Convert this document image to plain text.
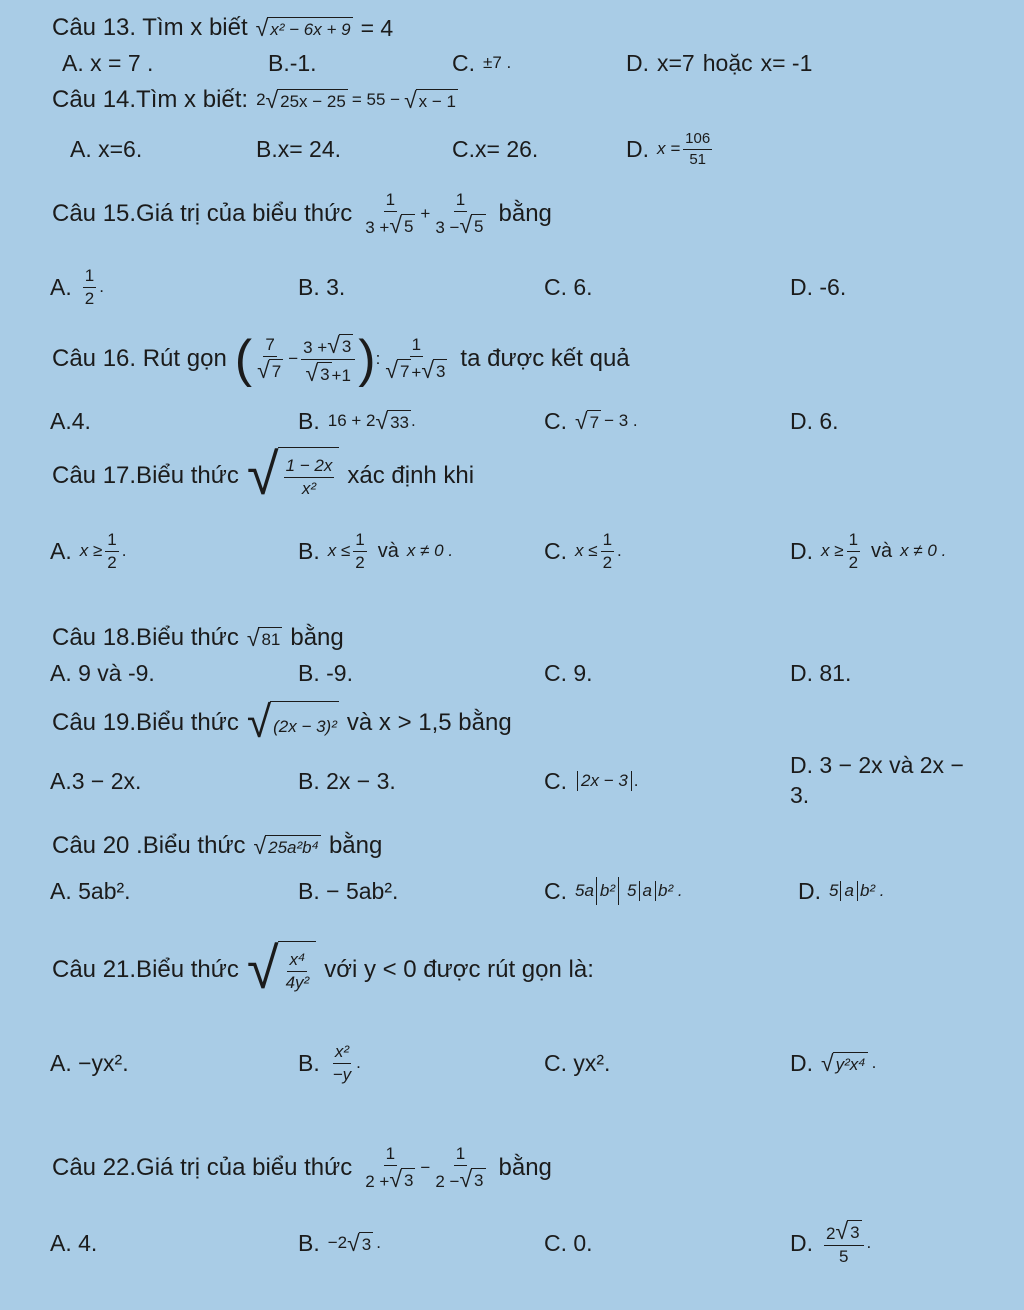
Câu 13. Tìm x biết √ x² − 6x + 9 = 4
A. x = 7 .	B.-1.	C. ±7 .	D. x=7 hoặc x= -1
Câu 14.Tìm x biết: 2 √ 25x − 25 = 55 − √ x − 1
A. x=6.	B.x= 24.	C.x= 26.	D. $x = \frac{106}{51}$
Câu 15.Giá trị của biểu thức $\frac{1}{3 + √ 5} + \frac{1}{3 - √ 5}$ bằng
A. $\frac{1}{2}$ .	B. 3.	C. 6.	D. -6.
Câu 16. Rút gọn ( $\frac{7}{√ 7} - \frac{3 + √ 3}{√ 3 +1}$ ) : $\frac{1}{√ 7 + √ 3}$ ta được kết quả
A.4.	B. 16 + 2 √ 33 .	C. √ 7 − 3 .	D. 6.
Câu 17.Biểu thức √ $\frac{1 - 2x}{\text{x²}}$ xác định khi
A. $x \ge \frac{1}{2}$ .	B. $x \le \frac{1}{2}$ và x ≠ 0 .	C. $x \le \frac{1}{2}$ .	D. $x \ge \frac{1}{2}$ và x ≠ 0 .
Câu 18.Biểu thức √ 81 bằng
A. 9 và -9.	B. -9.	C. 9.	D. 81.
Câu 19.Biểu thức √ (2x − 3)² và x > 1,5 bằng
A.3 − 2x.	B. 2x − 3.	C. 2x − 3 .
D. 3 − 2x và 2x −
3.
Câu 20 .Biểu thức √ 25a²b⁴ bằng
A. 5ab².	B. − 5ab².	C. 5a b² 5 a b² .	D. 5 a b² .
Câu 21.Biểu thức √ $\frac{\text{x⁴}}{\text{4y²}}$ với y < 0 được rút gọn là:
A. −yx².	B. $\frac{\text{x²}}{-y}$ .	C. yx².	D. √ y²x⁴ .
Câu 22.Giá trị của biểu thức $\frac{1}{2 + √ 3} - \frac{1}{2 - √ 3}$ bằng
A. 4.	B. −2 √ 3 .	C. 0.	D. $\frac{2 √ 3}{5}$ .
